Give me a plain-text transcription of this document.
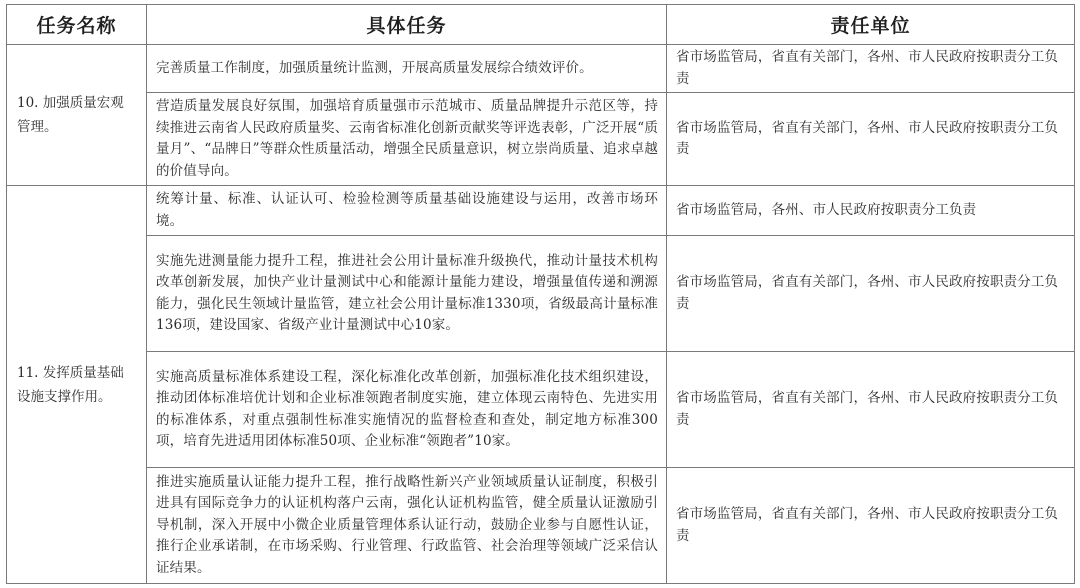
任务名称	具体任务	责任单位
10. 加强质量宏观管理。	完善质量工作制度，加强质量统计监测，开展高质量发展综合绩效评价。	省市场监管局，省直有关部门，各州、市人民政府按职责分工负责
	营造质量发展良好氛围，加强培育质量强市示范城市、质量品牌提升示范区等，持续推进云南省人民政府质量奖、云南省标准化创新贡献奖等评选表彰，广泛开展“质量月”、“品牌日”等群众性质量活动，增强全民质量意识，树立崇尚质量、追求卓越的价值导向。	省市场监管局，省直有关部门，各州、市人民政府按职责分工负责
11. 发挥质量基础设施支撑作用。	统筹计量、标准、认证认可、检验检测等质量基础设施建设与运用，改善市场环境。	省市场监管局，各州、市人民政府按职责分工负责
	实施先进测量能力提升工程，推进社会公用计量标准升级换代，推动计量技术机构改革创新发展，加快产业计量测试中心和能源计量能力建设，增强量值传递和溯源能力，强化民生领域计量监管，建立社会公用计量标准1330项，省级最高计量标准136项，建设国家、省级产业计量测试中心10家。	省市场监管局，省直有关部门，各州、市人民政府按职责分工负责
	实施高质量标准体系建设工程，深化标准化改革创新，加强标准化技术组织建设，推动团体标准培优计划和企业标准领跑者制度实施，建立体现云南特色、先进实用的标准体系，对重点强制性标准实施情况的监督检查和查处，制定地方标准300项，培育先进适用团体标准50项、企业标准“领跑者”10家。	省市场监管局，省直有关部门，各州、市人民政府按职责分工负责
	推进实施质量认证能力提升工程，推行战略性新兴产业领域质量认证制度，积极引进具有国际竞争力的认证机构落户云南，强化认证机构监管，健全质量认证激励引导机制，深入开展中小微企业质量管理体系认证行动，鼓励企业参与自愿性认证，推行企业承诺制，在市场采购、行业管理、行政监管、社会治理等领域广泛采信认证结果。	省市场监管局，省直有关部门，各州、市人民政府按职责分工负责
